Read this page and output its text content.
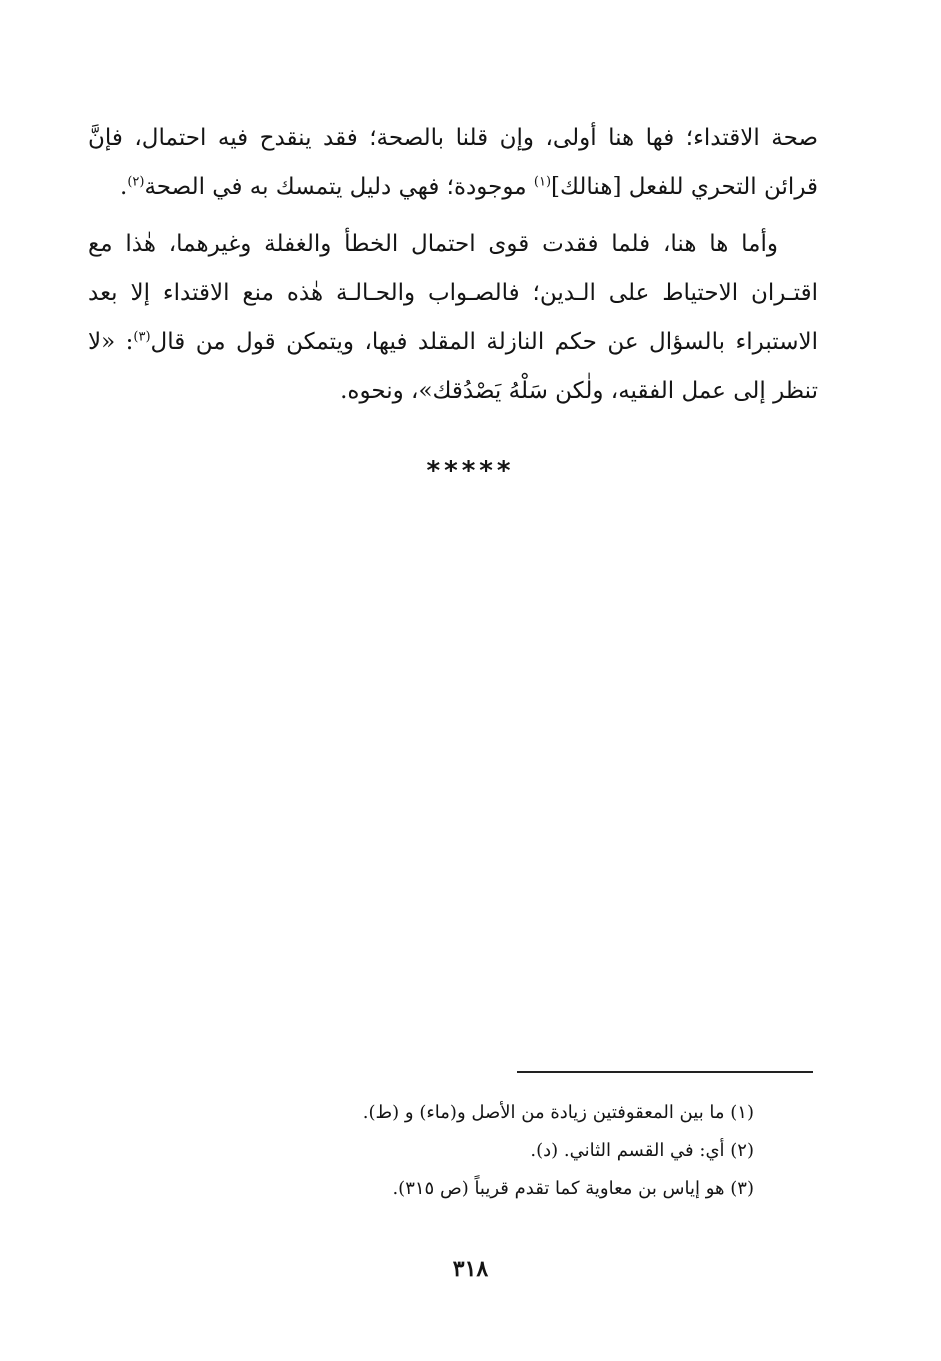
صحة الاقتداء؛ فها هنا أولى، وإن قلنا بالصحة؛ فقد ينقدح فيه احتمال، فإنَّ قرائن التحري للفعل [هنالك]$^{(١)}$ موجودة؛ فهي دليل يتمسك به في الصحة$^{(٢)}$.

وأما ها هنا، فلما فقدت قوى احتمال الخطأ والغفلة وغيرهما، هٰذا مع اقتـران الاحتياط على الـدين؛ فالصـواب والحـالـة هٰذه منع الاقتداء إلا بعد الاستبراء بالسؤال عن حكم النازلة المقلد فيها، ويتمكن قول من قال$^{(٣)}$: «لا تنظر إلى عمل الفقيه، ولٰكن سَلْهُ يَصْدُقك»، ونحوه.

*****

(١) ما بين المعقوفتين زيادة من الأصل و(ماء) و (ط).

(٢) أي: في القسم الثاني. (د).

(٣) هو إياس بن معاوية كما تقدم قريباً (ص ٣١٥).

٣١٨
